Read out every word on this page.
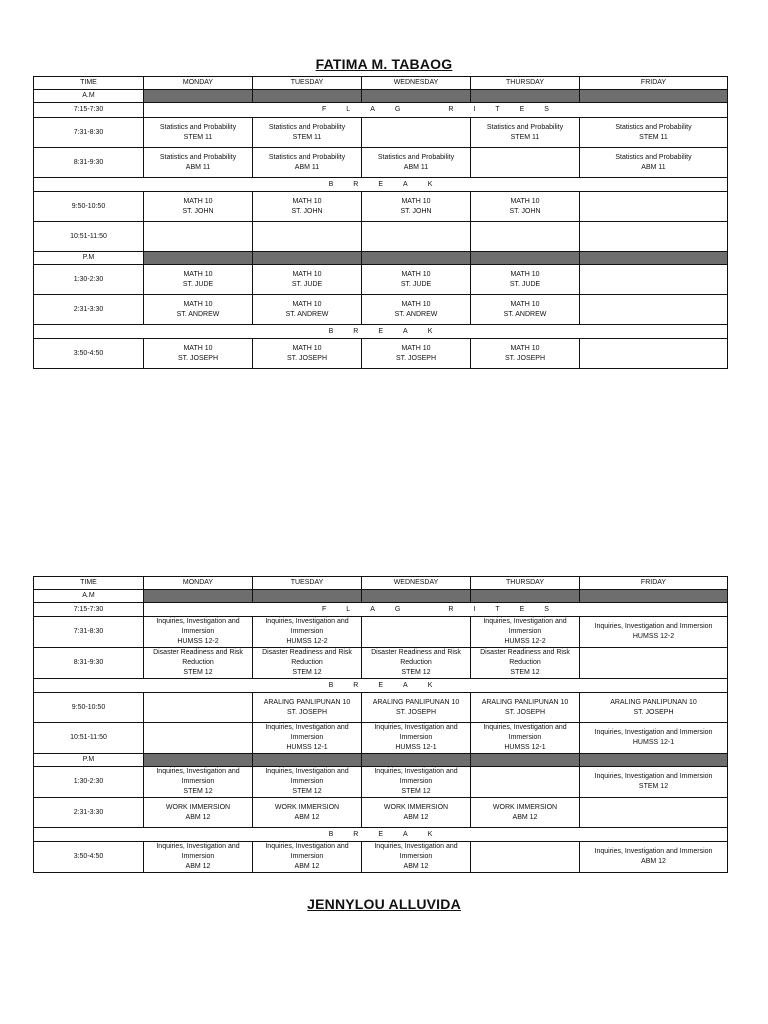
FATIMA M. TABAOG
TIME	MONDAY	TUESDAY	WEDNESDAY	THURSDAY	FRIDAY
A.M					
7:15-7:30	F L A G R I T E S				
7:31-8:30	Statistics and Probability
STEM 11	Statistics and Probability
STEM 11		Statistics and Probability
STEM 11	Statistics and Probability
STEM 11

8:31-9:30	Statistics and Probability
ABM 11	Statistics and Probability
ABM 11	Statistics and Probability
ABM 11		Statistics and Probability
ABM 11

B R E A K					
9:50-10:50	MATH 10
ST. JOHN	MATH 10
ST. JOHN	MATH 10
ST. JOHN	MATH 10
ST. JOHN	

10:51-11:50					
P.M					
1:30-2:30	MATH 10
ST. JUDE	MATH 10
ST. JUDE	MATH 10
ST. JUDE	MATH 10
ST. JUDE	

2:31-3:30	MATH 10
ST. ANDREW	MATH 10
ST. ANDREW	MATH 10
ST. ANDREW	MATH 10
ST. ANDREW	

B R E A K					
3:50-4:50	MATH 10
ST. JOSEPH	MATH 10
ST. JOSEPH	MATH 10
ST. JOSEPH	MATH 10
ST. JOSEPH	

TIME	MONDAY	TUESDAY	WEDNESDAY	THURSDAY	FRIDAY
A.M					
7:15-7:30	F L A G R I T E S				
7:31-8:30	Inquiries, Investigation and
Immersion
HUMSS 12-2	Inquiries, Investigation and
Immersion
HUMSS 12-2		Inquiries, Investigation and
Immersion
HUMSS 12-2	Inquiries, Investigation and Immersion
HUMSS 12-2

8:31-9:30	Disaster Readiness and Risk
Reduction
STEM 12	Disaster Readiness and Risk
Reduction
STEM 12	Disaster Readiness and Risk
Reduction
STEM 12	Disaster Readiness and Risk
Reduction
STEM 12	

B R E A K					
9:50-10:50		ARALING PANLIPUNAN 10
ST. JOSEPH	ARALING PANLIPUNAN 10
ST. JOSEPH	ARALING PANLIPUNAN 10
ST. JOSEPH	ARALING PANLIPUNAN 10
ST. JOSEPH

10:51-11:50		Inquiries, Investigation and
Immersion
HUMSS 12-1	Inquiries, Investigation and
Immersion
HUMSS 12-1	Inquiries, Investigation and
Immersion
HUMSS 12-1	Inquiries, Investigation and Immersion
HUMSS 12-1

P.M					
1:30-2:30	Inquiries, Investigation and
Immersion
STEM 12	Inquiries, Investigation and
Immersion
STEM 12	Inquiries, Investigation and
Immersion
STEM 12		Inquiries, Investigation and Immersion
STEM 12

2:31-3:30	WORK IMMERSION
ABM 12	WORK IMMERSION
ABM 12	WORK IMMERSION
ABM 12	WORK IMMERSION
ABM 12	

B R E A K					
3:50-4:50	Inquiries, Investigation and
Immersion
ABM 12	Inquiries, Investigation and
Immersion
ABM 12	Inquiries, Investigation and
Immersion
ABM 12		Inquiries, Investigation and Immersion
ABM 12
JENNYLOU ALLUVIDA
